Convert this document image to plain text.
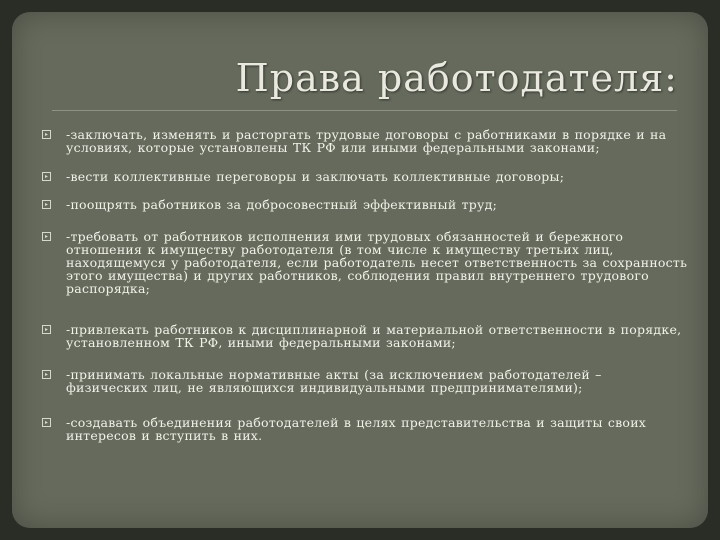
Права работодателя:
-заключать, изменять и расторгать трудовые договоры с работниками в порядке и на условиях, которые установлены ТК РФ или иными федеральными законами;
-вести коллективные переговоры и заключать коллективные договоры;
-поощрять работников за добросовестный эффективный труд;
-требовать от работников исполнения ими трудовых обязанностей и бережного отношения к имуществу работодателя (в том числе к имуществу третьих лиц, находящемуся у работодателя, если работодатель несет ответственность за сохранность этого имущества) и других работников, соблюдения правил внутреннего трудового распорядка;
-привлекать работников к дисциплинарной и материальной ответственности в порядке, установленном ТК РФ, иными федеральными законами;
-принимать локальные нормативные акты (за исключением работодателей – физических лиц, не являющихся индивидуальными предпринимателями);
-создавать объединения работодателей в целях представительства и защиты своих интересов и вступить в них.
